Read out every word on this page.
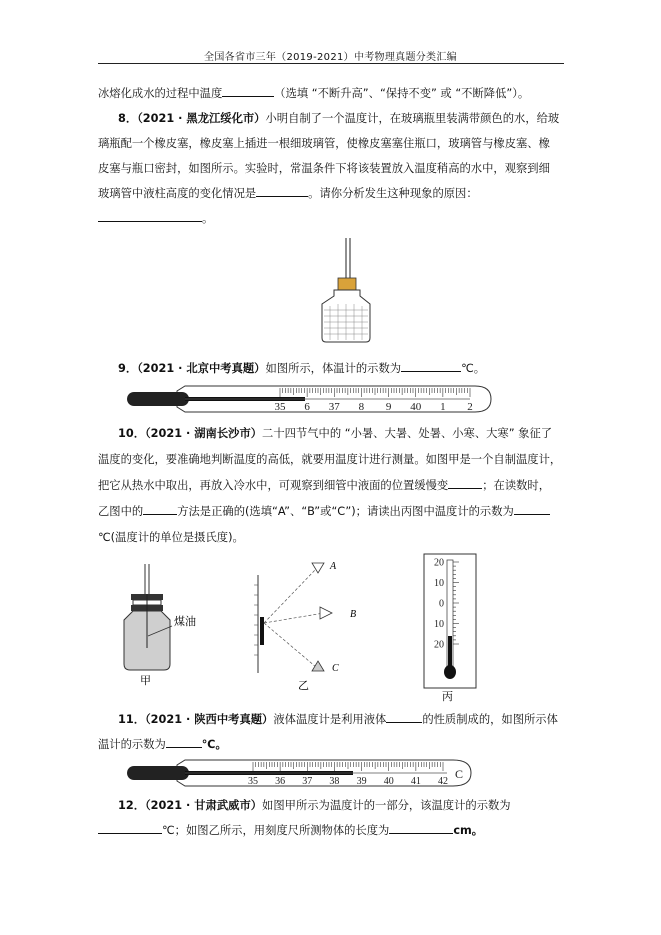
全国各省市三年（2019-2021）中考物理真题分类汇编
冰熔化成水的过程中温度	（选填 “不断升高”、“保持不变” 或 “不断降低”）。
8．（2021 · 黑龙江绥化市）小明自制了一个温度计，在玻璃瓶里装满带颜色的水，给玻
璃瓶配一个橡皮塞，橡皮塞上插进一根细玻璃管，使橡皮塞塞住瓶口，玻璃管与橡皮塞、橡
皮塞与瓶口密封，如图所示。实验时，常温条件下将该装置放入温度稍高的水中，观察到细
玻璃管中液柱高度的变化情况是	。请你分析发生这种现象的原因：
。
9．（2021 · 北京中考真题）如图所示，体温计的示数为	℃。
35 6 37 8 9 40 1 2
10．（2021 · 湖南长沙市）二十四节气中的 “小暑、大暑、处暑、小寒、大寒” 象征了
温度的变化，要准确地判断温度的高低，就要用温度计进行测量。如图甲是一个自制温度计，
把它从热水中取出，再放入冷水中，可观察到细管中液面的位置缓慢变	；在读数时，
乙图中的	方法是正确的(选填“A”、“B”或“C”)；请读出丙图中温度计的示数为
℃(温度计的单位是摄氏度)。
煤油
甲
A
B
C
乙
20
10
0
10
20
丙
11．（2021 · 陕西中考真题）液体温度计是利用液体	的性质制成的，如图所示体
温计的示数为	℃。
35 36 37 38 39 40 41 42
C
12．（2021 · 甘肃武威市）如图甲所示为温度计的一部分，该温度计的示数为
℃；如图乙所示，用刻度尺所测物体的长度为	cm。
